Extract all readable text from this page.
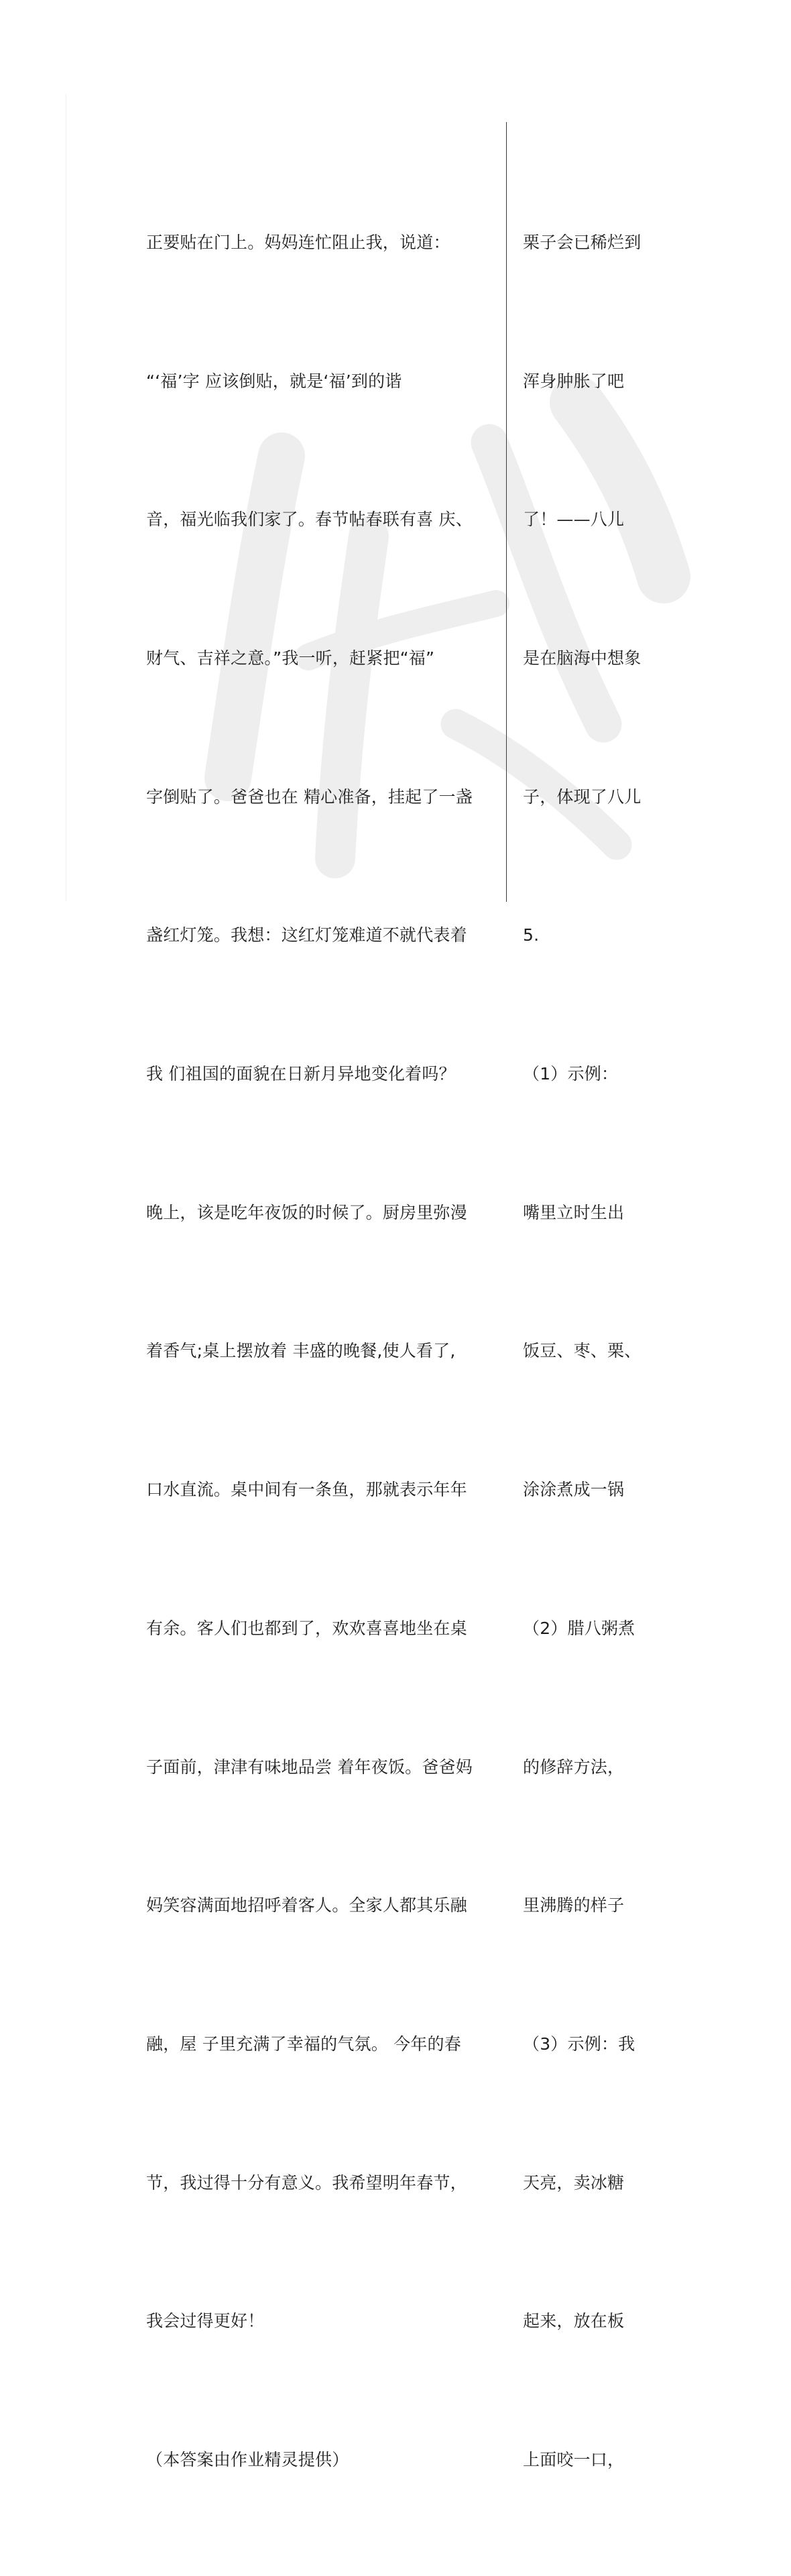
正要贴在门上。妈妈连忙阻止我，说道：

“‘福’字 应该倒贴，就是‘福’到的谐

音，福光临我们家了。春节帖春联有喜 庆、

财气、吉祥之意。”我一听，赶紧把“福”

字倒贴了。爸爸也在 精心准备，挂起了一盏

盏红灯笼。我想：这红灯笼难道不就代表着

我 们祖国的面貌在日新月异地变化着吗？

晚上，该是吃年夜饭的时候了。厨房里弥漫

着香气;桌上摆放着 丰盛的晚餐,使人看了,

口水直流。桌中间有一条鱼，那就表示年年

有余。客人们也都到了，欢欢喜喜地坐在桌

子面前，津津有味地品尝 着年夜饭。爸爸妈

妈笑容满面地招呼着客人。全家人都其乐融

融，屋 子里充满了幸福的气氛。 今年的春

节，我过得十分有意义。我希望明年春节，

我会过得更好！

（本答案由作业精灵提供）

栗子会已稀烂到

浑身肿胀了吧

了！——八儿

是在脑海中想象

子，体现了八儿

5.

（1）示例：

嘴里立时生出

饭豆、枣、栗、

涂涂煮成一锅

（2）腊八粥煮

的修辞方法，

里沸腾的样子

（3）示例：我

天亮，卖冰糖

起来，放在板

上面咬一口，
